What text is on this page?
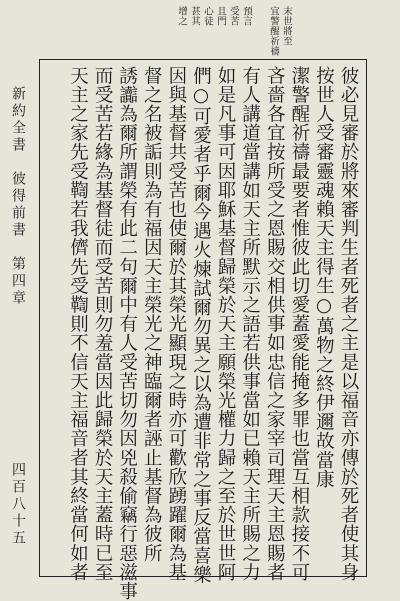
末世將至
宜警醒祈禱
預言
受苦
且門
心徒
甚其
增之
彼必見審於將來審判生者死者之主是以福音亦傳於死者使其身
按世人受審靈魂賴天主得生○萬物之終伊邇故當康
潔警醒祈禱最要者惟彼此切愛蓋愛能掩多罪也當互相款接不可
吝嗇各宜按所受之恩賜交相供事如忠信之家宰司理天主恩賜者
有人講道當講如天主所默示之語若供事當如已賴天主所賜之力
如是凡事可因耶穌基督歸榮於天主願榮光權力歸之至於世世阿
們○可愛者乎爾今遇火煉試爾勿異之以為遭非常之事反當喜樂
因與基督共受苦也使爾於其榮光顯現之時亦可歡欣踴躍爾為基
督之名被詬則為有福因天主榮光之神臨爾者誣止基督為彼所
誘讟為爾所謂榮有此二句爾中有人受苦切勿因兇殺偷竊行惡滋事
而受苦若緣為基督徒而受苦則勿羞當因此歸榮於天主蓋時已至
天主之家先受鞫若我儕先受鞫則不信天主福音者其終當何如者
新約全書　彼得前書　第四章
四百八十五
